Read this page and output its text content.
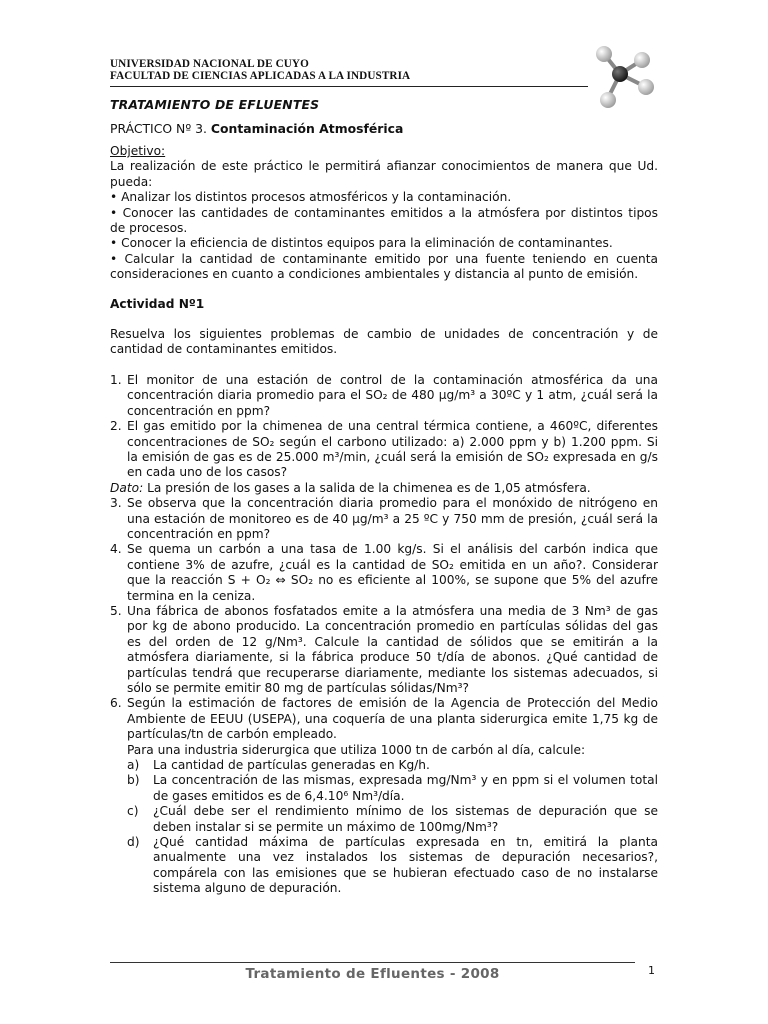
UNIVERSIDAD NACIONAL DE CUYO
FACULTAD DE CIENCIAS APLICADAS A LA INDUSTRIA
TRATAMIENTO DE EFLUENTES
PRÁCTICO Nº 3. Contaminación Atmosférica

Objetivo:

La realización de este práctico le permitirá afianzar conocimientos de manera que Ud. pueda:

• Analizar los distintos procesos atmosféricos y la contaminación.

• Conocer las cantidades de contaminantes emitidos a la atmósfera por distintos tipos de procesos.

• Conocer la eficiencia de distintos equipos para la eliminación de contaminantes.

• Calcular la cantidad de contaminante emitido por una fuente teniendo en cuenta consideraciones en cuanto a condiciones ambientales y distancia al punto de emisión.

Actividad Nº1

Resuelva los siguientes problemas de cambio de unidades de concentración y de cantidad de contaminantes emitidos.

1. El monitor de una estación de control de la contaminación atmosférica da una concentración diaria promedio para el SO₂ de 480 µg/m³ a 30ºC y 1 atm, ¿cuál será la concentración en ppm?
2. El gas emitido por la chimenea de una central térmica contiene, a 460ºC, diferentes concentraciones de SO₂ según el carbono utilizado: a) 2.000 ppm y b) 1.200 ppm. Si la emisión de gas es de 25.000 m³/min, ¿cuál será la emisión de SO₂ expresada en g/s en cada uno de los casos?

Dato: La presión de los gases a la salida de la chimenea es de 1,05 atmósfera.

3. Se observa que la concentración diaria promedio para el monóxido de nitrógeno en una estación de monitoreo es de 40 µg/m³ a 25 ºC y 750 mm de presión, ¿cuál será la concentración en ppm?
4. Se quema un carbón a una tasa de 1.00 kg/s. Si el análisis del carbón indica que contiene 3% de azufre, ¿cuál es la cantidad de SO₂ emitida en un año?. Considerar que la reacción S + O₂ ⇔ SO₂ no es eficiente al 100%, se supone que 5% del azufre termina en la ceniza.
5. Una fábrica de abonos fosfatados emite a la atmósfera una media de 3 Nm³ de gas por kg de abono producido. La concentración promedio en partículas sólidas del gas es del orden de 12 g/Nm³. Calcule la cantidad de sólidos que se emitirán a la atmósfera diariamente, si la fábrica produce 50 t/día de abonos. ¿Qué cantidad de partículas tendrá que recuperarse diariamente, mediante los sistemas adecuados, si sólo se permite emitir 80 mg de partículas sólidas/Nm³?
6. Según la estimación de factores de emisión de la Agencia de Protección del Medio Ambiente de EEUU (USEPA), una coquería de una planta siderurgica emite 1,75 kg de partículas/tn de carbón empleado.
Para una industria siderurgica que utiliza 1000 tn de carbón al día, calcule:
a) La cantidad de partículas generadas en Kg/h.
b) La concentración de las mismas, expresada mg/Nm³ y en ppm si el volumen total de gases emitidos es de 6,4.10⁶ Nm³/día.
c) ¿Cuál debe ser el rendimiento mínimo de los sistemas de depuración que se deben instalar si se permite un máximo de 100mg/Nm³?
d) ¿Qué cantidad máxima de partículas expresada en tn, emitirá la planta anualmente una vez instalados los sistemas de depuración necesarios?, compárela con las emisiones que se hubieran efectuado caso de no instalarse sistema alguno de depuración.
Tratamiento de Efluentes - 2008	1
